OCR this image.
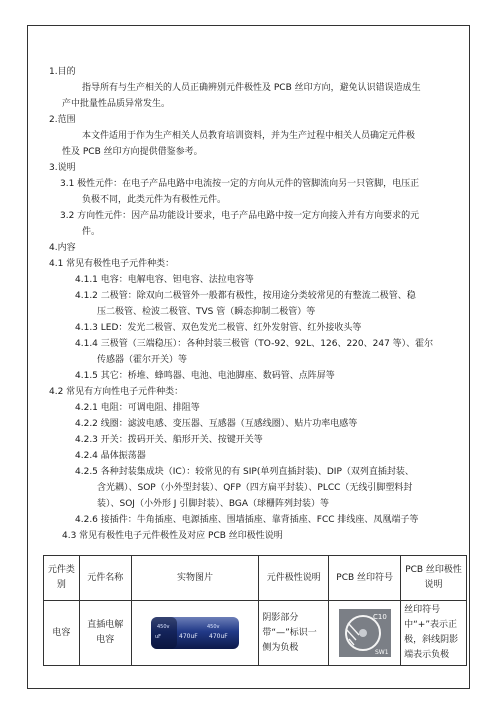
1.目的
指导所有与生产相关的人员正确辨别元件极性及 PCB 丝印方向，避免认识错误造成生
产中批量性品质异常发生。
2.范围
本文件适用于作为生产相关人员教育培训资料，并为生产过程中相关人员确定元件极
性及 PCB 丝印方向提供借鉴参考。
3.说明
3.1 极性元件：在电子产品电路中电流按一定的方向从元件的管脚流向另一只管脚，电压正
负极不同，此类元件为有极性元件。
3.2 方向性元件：因产品功能设计要求，电子产品电路中按一定方向接入并有方向要求的元
件。
4.内容
4.1 常见有极性电子元件种类：
4.1.1 电容：电解电容、钽电容、法拉电容等
4.1.2 二极管：除双向二极管外一般都有极性，按用途分类较常见的有整流二极管、稳
压二极管、检波二极管、TVS 管（瞬态抑制二极管）等
4.1.3 LED：发光二极管、双色发光二极管、红外发射管、红外接收头等
4.1.4 三极管（三端稳压）：各种封装三极管（TO-92、92L、126、220、247 等）、霍尔
传感器（霍尔开关）等
4.1.5 其它：桥堆、蜂鸣器、电池、电池脚座、数码管、点阵屏等
4.2 常见有方向性电子元件种类：
4.2.1 电阻：可调电阻、排阻等
4.2.2 线圈：滤波电感、变压器、互感器（互感线圈）、贴片功率电感等
4.2.3 开关：拨码开关、船形开关、按键开关等
4.2.4 晶体振荡器
4.2.5 各种封装集成块（IC）：较常见的有 SIP(单列直插封装)、DIP（双列直插封装、
含光耦）、SOP（小外型封装）、QFP（四方扁平封装）、PLCC（无线引脚塑料封
装）、SOJ（小外形 J 引脚封装）、BGA（球栅阵列封装）等
4.2.6 接插件：牛角插座、电源插座、围墙插座、靠背插座、FCC 排线座、凤凰端子等
4.3 常见有极性电子元件极性及对应 PCB 丝印极性说明
元件类别	元件名称	实物图片	元件极性说明	PCB 丝印符号	PCB 丝印极性说明
电容	直插电解电容	450v 450v
uF 470uF 470uF	阴影部分带“—”标识一侧为负极	C10
SW1	丝印符号中“+”表示正极，斜线阴影端表示负极
